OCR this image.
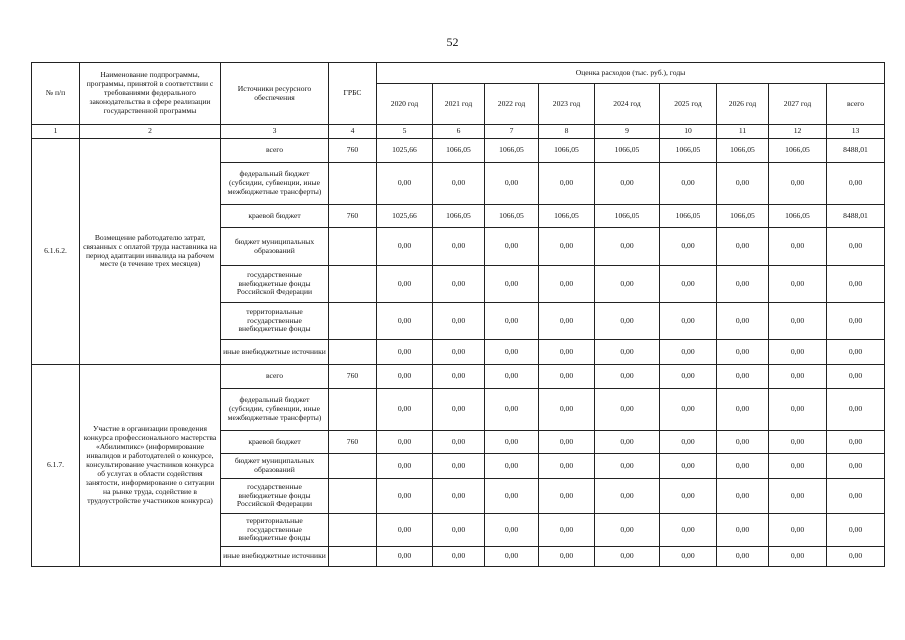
52
№ п/п	Наименование подпрограммы, программы, принятой в соответствии с требованиями федерального законодательства в сфере реализации государственной программы	Источники ресурсного обеспечения	ГРБС	Оценка расходов (тыс. руб.), годы								
				2020 год	2021 год	2022 год	2023 год	2024 год	2025 год	2026 год	2027 год	всего
1	2	3	4	5	6	7	8	9	10	11	12	13
6.1.6.2.	Возмещение работодателю затрат, связанных с оплатой труда наставника на период адаптации инвалида на рабочем месте (в течение трех месяцев)	всего	760	1025,66	1066,05	1066,05	1066,05	1066,05	1066,05	1066,05	1066,05	8488,01
		федеральный бюджет (субсидии, субвенции, иные межбюджетные трансферты)		0,00	0,00	0,00	0,00	0,00	0,00	0,00	0,00	0,00
		краевой бюджет	760	1025,66	1066,05	1066,05	1066,05	1066,05	1066,05	1066,05	1066,05	8488,01
		бюджет муниципальных образований		0,00	0,00	0,00	0,00	0,00	0,00	0,00	0,00	0,00
		государственные внебюджетные фонды Российской Федерации		0,00	0,00	0,00	0,00	0,00	0,00	0,00	0,00	0,00
		территориальные государственные внебюджетные фонды		0,00	0,00	0,00	0,00	0,00	0,00	0,00	0,00	0,00
		иные внебюджетные источники		0,00	0,00	0,00	0,00	0,00	0,00	0,00	0,00	0,00
6.1.7.	Участие в организации проведения конкурса профессионального мастерства «Абилимпикс» (информирование инвалидов и работодателей о конкурсе, консультирование участников конкурса об услугах в области содействия занятости, информирование о ситуации на рынке труда, содействие в трудоустройстве участников конкурса)	всего	760	0,00	0,00	0,00	0,00	0,00	0,00	0,00	0,00	0,00
		федеральный бюджет (субсидии, субвенции, иные межбюджетные трансферты)		0,00	0,00	0,00	0,00	0,00	0,00	0,00	0,00	0,00
		краевой бюджет	760	0,00	0,00	0,00	0,00	0,00	0,00	0,00	0,00	0,00
		бюджет муниципальных образований		0,00	0,00	0,00	0,00	0,00	0,00	0,00	0,00	0,00
		государственные внебюджетные фонды Российской Федерации		0,00	0,00	0,00	0,00	0,00	0,00	0,00	0,00	0,00
		территориальные государственные внебюджетные фонды		0,00	0,00	0,00	0,00	0,00	0,00	0,00	0,00	0,00
		иные внебюджетные источники		0,00	0,00	0,00	0,00	0,00	0,00	0,00	0,00	0,00
